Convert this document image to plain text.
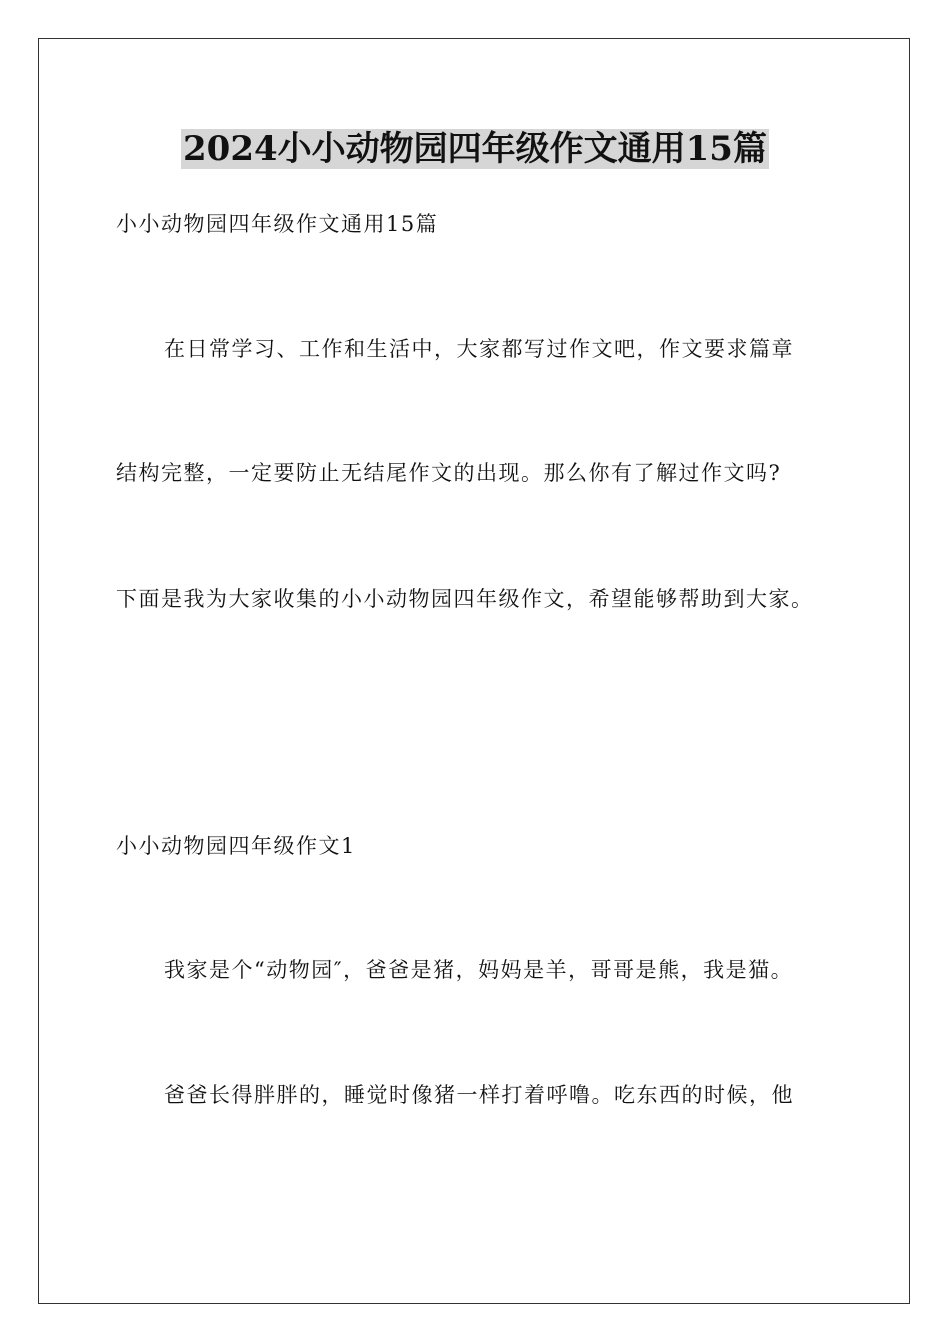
2024小小动物园四年级作文通用15篇

小小动物园四年级作文通用15篇

在日常学习、工作和生活中，大家都写过作文吧，作文要求篇章

结构完整，一定要防止无结尾作文的出现。那么你有了解过作文吗?

下面是我为大家收集的小小动物园四年级作文，希望能够帮助到大家。

小小动物园四年级作文1

我家是个“动物园″，爸爸是猪，妈妈是羊，哥哥是熊，我是猫。

爸爸长得胖胖的，睡觉时像猪一样打着呼噜。吃东西的时候，他
